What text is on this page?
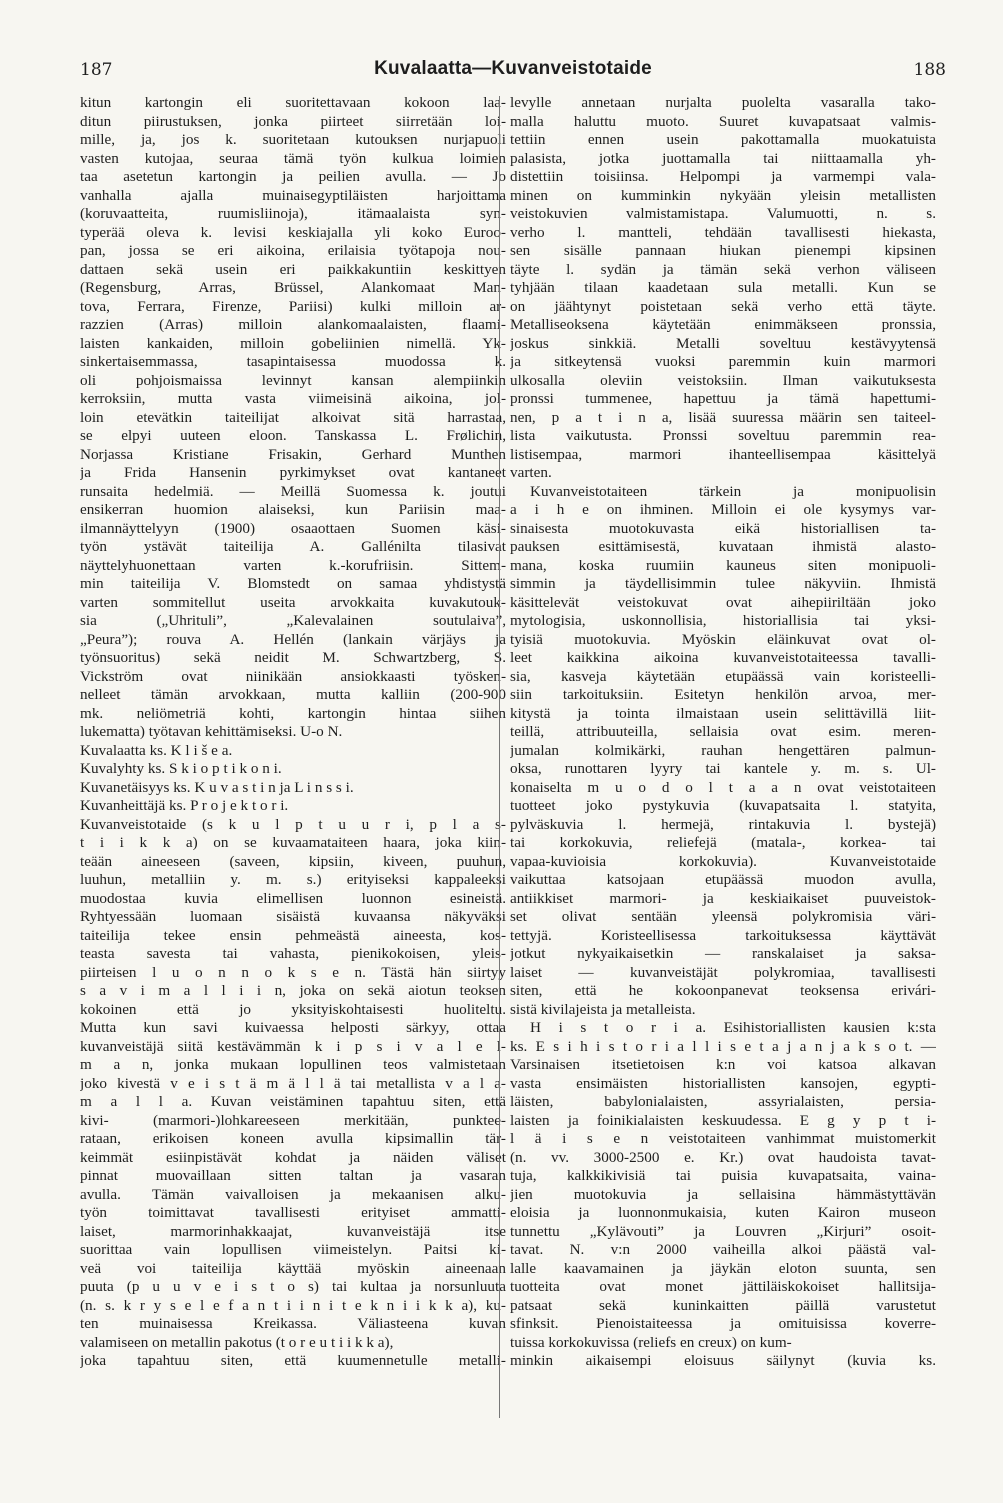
187	Kuvalaatta—Kuvanveistotaide	188
kitun kartongin eli suoritettavaan kokoon laa-
ditun piirustuksen, jonka piirteet siirretään loi-
mille, ja, jos k. suoritetaan kutouksen nurjapuoli
vasten kutojaa, seuraa tämä työn kulkua loimien
taa asetetun kartongin ja peilien avulla. — Jo
vanhalla ajalla muinaisegyptiläisten harjoittama
(koruvaatteita, ruumisliinoja), itämaalaista syn-
typerää oleva k. levisi keskiajalla yli koko Euroo-
pan, jossa se eri aikoina, erilaisia työtapoja nou-
dattaen sekä usein eri paikkakuntiin keskittyen
(Regensburg, Arras, Brüssel, Alankomaat Man-
tova, Ferrara, Firenze, Pariisi) kulki milloin ar-
razzien (Arras) milloin alankomaalaisten, flaami-
laisten kankaiden, milloin gobeliinien nimellä. Yk-
sinkertaisemmassa, tasapintaisessa muodossa k.
oli pohjoismaissa levinnyt kansan alempiinkin
kerroksiin, mutta vasta viimeisinä aikoina, jol-
loin etevätkin taiteilijat alkoivat sitä harrastaa,
se elpyi uuteen eloon. Tanskassa L. Frølichin,
Norjassa Kristiane Frisakin, Gerhard Munthen
ja Frida Hansenin pyrkimykset ovat kantaneet
runsaita hedelmiä. — Meillä Suomessa k. joutui
ensikerran huomion alaiseksi, kun Pariisin maa-
ilmannäyttelyyn (1900) osaaottaen Suomen käsi-
työn ystävät taiteilija A. Gallénilta tilasivat
näyttelyhuonettaan varten k.-korufriisin. Sittem-
min taiteilija V. Blomstedt on samaa yhdistystä
varten sommitellut useita arvokkaita kuvakutouk-
sia („Uhrituli”, „Kalevalainen soutulaiva”,
„Peura”); rouva A. Hellén (lankain värjäys ja
työnsuoritus) sekä neidit M. Schwartzberg, S.
Vickström ovat niinikään ansiokkaasti työsken-
nelleet tämän arvokkaan, mutta kalliin (200-900
mk. neliömetriä kohti, kartongin hintaa siihen
lukematta) työtavan kehittämiseksi. U-o N.
Kuvalaatta ks. K l i š e a.
Kuvalyhty ks. S k i o p t i k o n i.
Kuvanetäisyys ks. K u v a s t i n ja L i n s s i.
Kuvanheittäjä ks. P r o j e k t o r i.
Kuvanveistotaide (s k u l p t u u r i, p l a s-
t i i k k a) on se kuvaamataiteen haara, joka kiin-
teään aineeseen (saveen, kipsiin, kiveen, puuhun,
luuhun, metalliin y. m. s.) erityiseksi kappaleeksi
muodostaa kuvia elimellisen luonnon esineistä.
Ryhtyessään luomaan sisäistä kuvaansa näkyväksi
taiteilija tekee ensin pehmeästä aineesta, kos-
teasta savesta tai vahasta, pienikokoisen, yleis-
piirteisen l u o n n o k s e n. Tästä hän siirtyy
s a v i m a l l i i n, joka on sekä aiotun teoksen
kokoinen että jo yksityiskohtaisesti huoliteltu.
Mutta kun savi kuivaessa helposti särkyy, ottaa
kuvanveistäjä siitä kestävämmän k i p s i v a l e l-
m a n, jonka mukaan lopullinen teos valmistetaan
joko kivestä v e i s t ä m ä l l ä tai metallista v a l a-
m a l l a. Kuvan veistäminen tapahtuu siten, että
kivi- (marmori-)lohkareeseen merkitään, punktee-
rataan, erikoisen koneen avulla kipsimallin tär-
keimmät esiinpistävät kohdat ja näiden väliset
pinnat muovaillaan sitten taltan ja vasaran
avulla. Tämän vaivalloisen ja mekaanisen alku-
työn toimittavat tavallisesti erityiset ammatti-
laiset, marmorinhakkaajat, kuvanveistäjä itse
suorittaa vain lopullisen viimeistelyn. Paitsi ki-
veä voi taiteilija käyttää myöskin aineenaan
puuta (p u u v e i s t o s) tai kultaa ja norsunluuta
(n. s. k r y s e l e f a n t i i n i t e k n i i k k a), ku-
ten muinaisessa Kreikassa. Väliasteena kuvan
valamiseen on metallin pakotus (t o r e u t i i k k a),
joka tapahtuu siten, että kuumennetulle metalli-
levylle annetaan nurjalta puolelta vasaralla tako-
malla haluttu muoto. Suuret kuvapatsaat valmis-
tettiin ennen usein pakottamalla muokatuista
palasista, jotka juottamalla tai niittaamalla yh-
distettiin toisiinsa. Helpompi ja varmempi vala-
minen on kumminkin nykyään yleisin metallisten
veistokuvien valmistamistapa. Valumuotti, n. s.
verho l. mantteli, tehdään tavallisesti hiekasta,
sen sisälle pannaan hiukan pienempi kipsinen
täyte l. sydän ja tämän sekä verhon väliseen
tyhjään tilaan kaadetaan sula metalli. Kun se
on jäähtynyt poistetaan sekä verho että täyte.
Metalliseoksena käytetään enimmäkseen pronssia,
joskus sinkkiä. Metalli soveltuu kestävyytensä
ja sitkeytensä vuoksi paremmin kuin marmori
ulkosalla oleviin veistoksiin. Ilman vaikutuksesta
pronssi tummenee, hapettuu ja tämä hapettumi-
nen, p a t i n a, lisää suuressa määrin sen taiteel-
lista vaikutusta. Pronssi soveltuu paremmin rea-
listisempaa, marmori ihanteellisempaa käsittelyä
varten.
Kuvanveistotaiteen tärkein ja monipuolisin
a i h e on ihminen. Milloin ei ole kysymys var-
sinaisesta muotokuvasta eikä historiallisen ta-
pauksen esittämisestä, kuvataan ihmistä alasto-
mana, koska ruumiin kauneus siten monipuoli-
simmin ja täydellisimmin tulee näkyviin. Ihmistä
käsittelevät veistokuvat ovat aihepiiriltään joko
mytologisia, uskonnollisia, historiallisia tai yksi-
tyisiä muotokuvia. Myöskin eläinkuvat ovat ol-
leet kaikkina aikoina kuvanveistotaiteessa tavalli-
sia, kasveja käytetään etupäässä vain koristeelli-
siin tarkoituksiin. Esitetyn henkilön arvoa, mer-
kitystä ja tointa ilmaistaan usein selittävillä liit-
teillä, attribuuteilla, sellaisia ovat esim. meren-
jumalan kolmikärki, rauhan hengettären palmun-
oksa, runottaren lyyry tai kantele y. m. s. Ul-
konaiselta m u o d o l t a a n ovat veistotaiteen
tuotteet joko pystykuvia (kuvapatsaita l. statyita,
pylväskuvia l. hermejä, rintakuvia l. bystejä)
tai korkokuvia, reliefejä (matala-, korkea- tai
vapaa-kuvioisia korkokuvia). Kuvanveistotaide
vaikuttaa katsojaan etupäässä muodon avulla,
antiikkiset marmori- ja keskiaikaiset puuveistok-
set olivat sentään yleensä polykromisia väri-
tettyjä. Koristeellisessa tarkoituksessa käyttävät
jotkut nykyaikaisetkin — ranskalaiset ja saksa-
laiset — kuvanveistäjät polykromiaa, tavallisesti
siten, että he kokoonpanevat teoksensa erivári-
sistä kivilajeista ja metalleista.
H i s t o r i a. Esihistoriallisten kausien k:sta
ks. E s i h i s t o r i a l l i s e t a j a n j a k s o t. —
Varsinaisen itsetietoisen k:n voi katsoa alkavan
vasta ensimäisten historiallisten kansojen, egypti-
läisten, babylonialaisten, assyrialaisten, persia-
laisten ja foinikialaisten keskuudessa. E g y p t i-
l ä i s e n veistotaiteen vanhimmat muistomerkit
(n. vv. 3000-2500 e. Kr.) ovat haudoista tavat-
tuja, kalkkikivisiä tai puisia kuvapatsaita, vaina-
jien muotokuvia ja sellaisina hämmästyttävän
eloisia ja luonnonmukaisia, kuten Kairon museon
tunnettu „Kylävouti” ja Louvren „Kirjuri” osoit-
tavat. N. v:n 2000 vaiheilla alkoi päästä val-
lalle kaavamainen ja jäykän eloton suunta, sen
tuotteita ovat monet jättiläiskokoiset hallitsija-
patsaat sekä kuninkaitten päillä varustetut
sfinksit. Pienoistaiteessa ja omituisissa koverre-
tuissa korkokuvissa (reliefs en creux) on kum-
minkin aikaisempi eloisuus säilynyt (kuvia ks.
